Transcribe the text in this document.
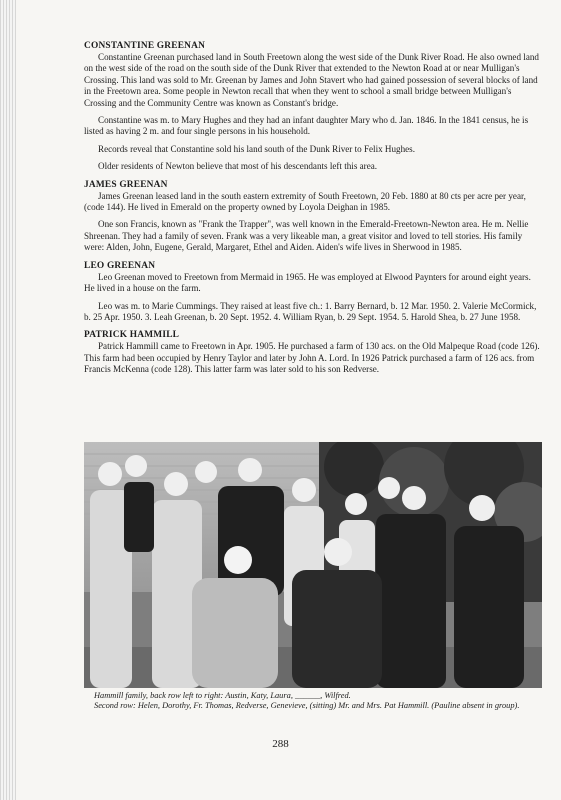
CONSTANTINE GREENAN

Constantine Greenan purchased land in South Freetown along the west side of the Dunk River Road. He also owned land on the west side of the road on the south side of the Dunk River that extended to the Newton Road at or near Mulligan's Crossing. This land was sold to Mr. Greenan by James and John Stavert who had gained possession of several blocks of land in the Freetown area. Some people in Newton recall that when they went to school a small bridge between Mulligan's Crossing and the Community Centre was known as Constant's bridge.

Constantine was m. to Mary Hughes and they had an infant daughter Mary who d. Jan. 1846. In the 1841 census, he is listed as having 2 m. and four single persons in his household.

Records reveal that Constantine sold his land south of the Dunk River to Felix Hughes.

Older residents of Newton believe that most of his descendants left this area.

JAMES GREENAN

James Greenan leased land in the south eastern extremity of South Freetown, 20 Feb. 1880 at 80 cts per acre per year, (code 144). He lived in Emerald on the property owned by Loyola Deighan in 1985.

One son Francis, known as "Frank the Trapper", was well known in the Emerald-Freetown-Newton area. He m. Nellie Shreenan. They had a family of seven. Frank was a very likeable man, a great visitor and loved to tell stories. His family were: Alden, John, Eugene, Gerald, Margaret, Ethel and Aiden. Aiden's wife lives in Sherwood in 1985.

LEO GREENAN

Leo Greenan moved to Freetown from Mermaid in 1965. He was employed at Elwood Paynters for around eight years. He lived in a house on the farm.

Leo was m. to Marie Cummings. They raised at least five ch.: 1. Barry Bernard, b. 12 Mar. 1950. 2. Valerie McCormick, b. 25 Apr. 1950. 3. Leah Greenan, b. 20 Sept. 1952. 4. William Ryan, b. 29 Sept. 1954. 5. Harold Shea, b. 27 June 1958.

PATRICK HAMMILL

Patrick Hammill came to Freetown in Apr. 1905. He purchased a farm of 130 acs. on the Old Malpeque Road (code 126). This farm had been occupied by Henry Taylor and later by John A. Lord. In 1926 Patrick purchased a farm of 126 acs. from Francis McKenna (code 128). This latter farm was later sold to his son Redverse.

Hammill family, back row left to right: Austin, Katy, Laura, ______, Wilfred.

Second row: Helen, Dorothy, Fr. Thomas, Redverse, Genevieve, (sitting) Mr. and Mrs. Pat Hammill. (Pauline absent in group).

288
